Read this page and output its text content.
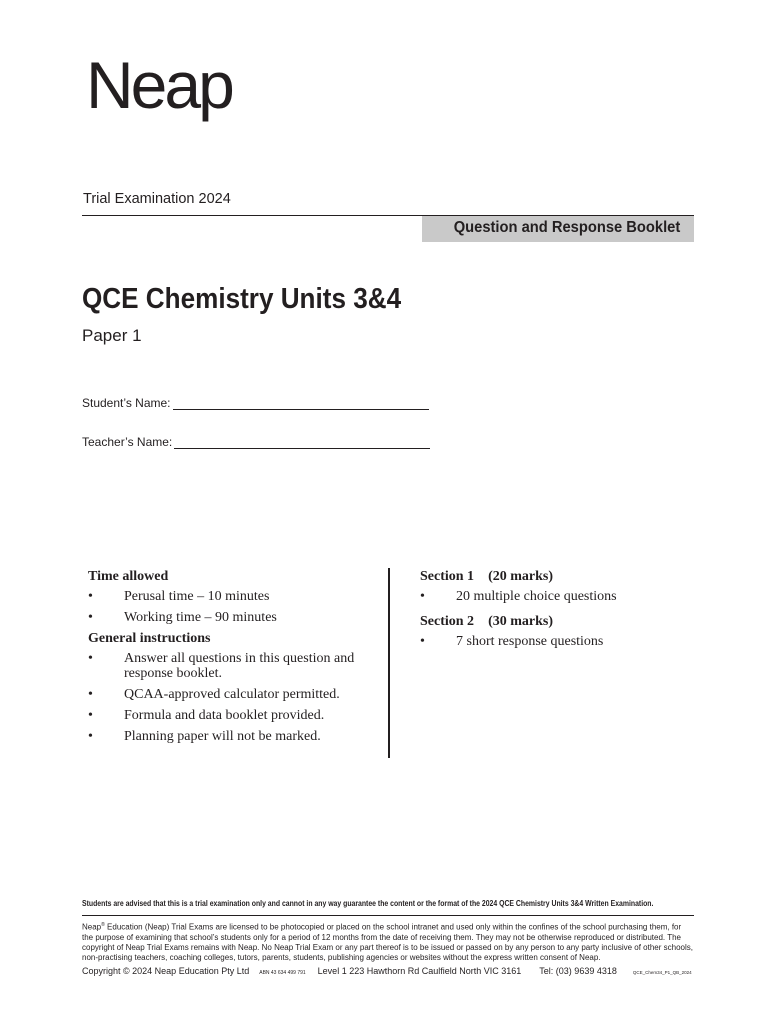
Neap
Trial Examination 2024
Question and Response Booklet
QCE Chemistry Units 3&4
Paper 1
Student’s Name:
Teacher’s Name:
Time allowed
•	Perusal time – 10 minutes
•	Working time – 90 minutes
General instructions
•	Answer all questions in this question and response booklet.
•	QCAA-approved calculator permitted.
•	Formula and data booklet provided.
•	Planning paper will not be marked.
Section 1 (20 marks)
•	20 multiple choice questions
Section 2 (30 marks)
•	7 short response questions
Students are advised that this is a trial examination only and cannot in any way guarantee the content or the format of the 2024 QCE Chemistry Units 3&4 Written Examination.
Neap® Education (Neap) Trial Exams are licensed to be photocopied or placed on the school intranet and used only within the confines of the school purchasing them, for the purpose of examining that school’s students only for a period of 12 months from the date of receiving them. They may not be otherwise reproduced or distributed. The copyright of Neap Trial Exams remains with Neap. No Neap Trial Exam or any part thereof is to be issued or passed on by any person to any party inclusive of other schools, non-practising teachers, coaching colleges, tutors, parents, students, publishing agencies or websites without the express written consent of Neap.
Copyright © 2024 Neap Education Pty Ltd ABN 43 634 499 791 Level 1 223 Hawthorn Rd Caulfield North VIC 3161 Tel: (03) 9639 4318	QCE_Chem34_P1_QB_2024
